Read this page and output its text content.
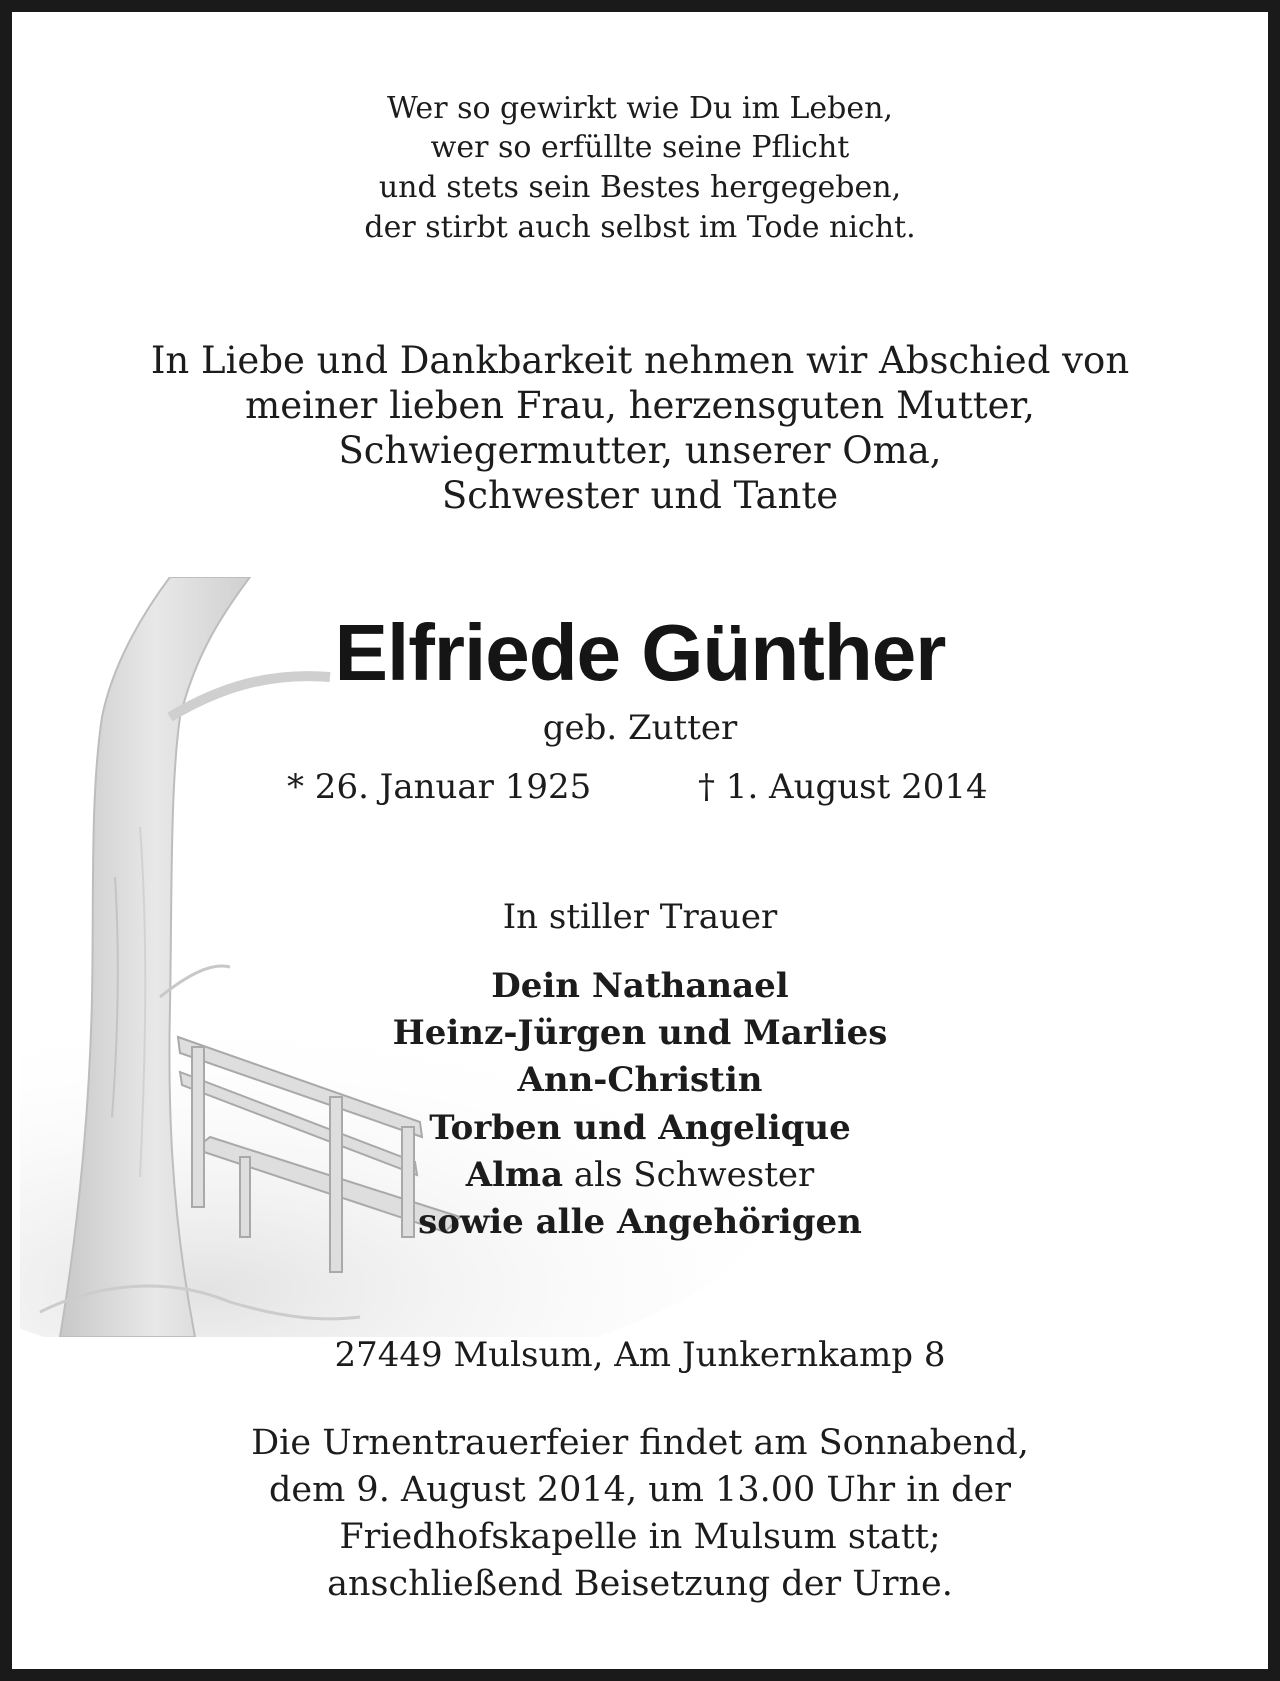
Wer so gewirkt wie Du im Leben,
wer so erfüllte seine Pflicht
und stets sein Bestes hergegeben,
der stirbt auch selbst im Tode nicht.
In Liebe und Dankbarkeit nehmen wir Abschied von
meiner lieben Frau, herzensguten Mutter,
Schwiegermutter, unserer Oma,
Schwester und Tante
Elfriede Günther
geb. Zutter
* 26. Januar 1925	† 1. August 2014
In stiller Trauer
Dein Nathanael
Heinz-Jürgen und Marlies
Ann-Christin
Torben und Angelique
Alma als Schwester
sowie alle Angehörigen
27449 Mulsum, Am Junkernkamp 8
Die Urnentrauerfeier findet am Sonnabend,
dem 9. August 2014, um 13.00 Uhr in der
Friedhofskapelle in Mulsum statt;
anschließend Beisetzung der Urne.
